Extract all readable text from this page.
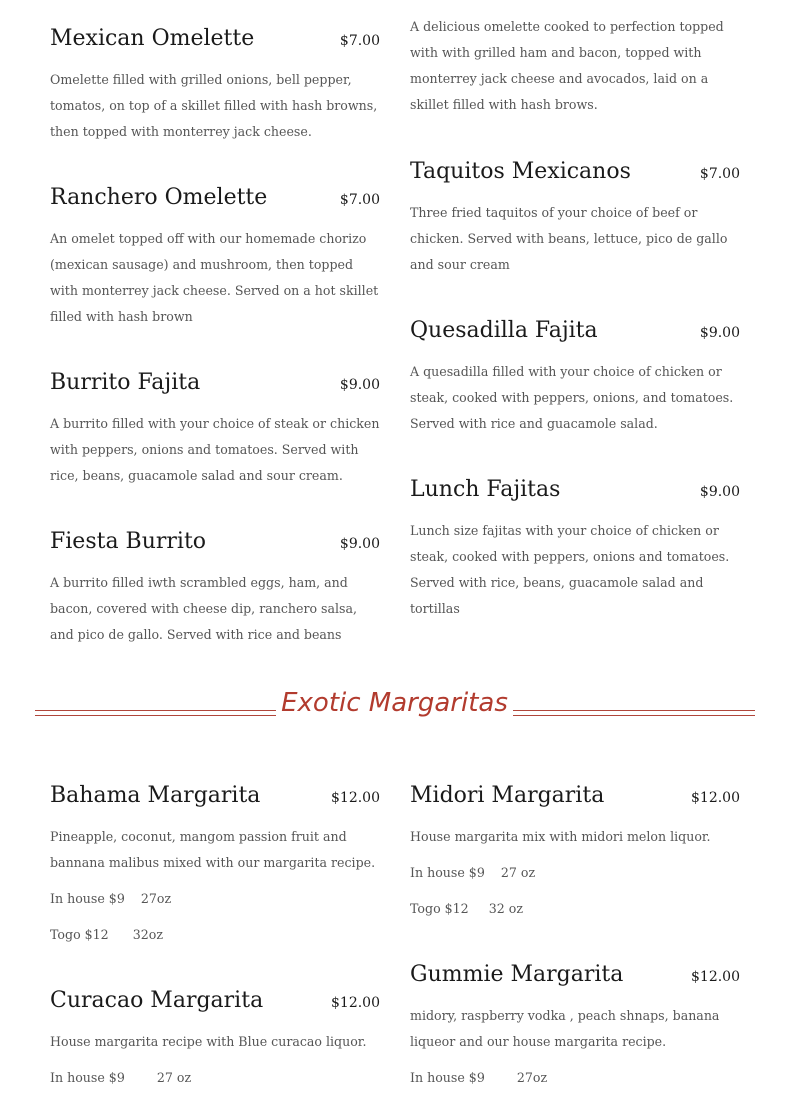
Mexican Omelette	$7.00
Omelette filled with grilled onions, bell pepper, tomatos, on top of a skillet filled with hash browns, then topped with monterrey jack cheese.
Ranchero Omelette	$7.00
An omelet topped off with our homemade chorizo (mexican sausage) and mushroom, then topped with monterrey jack cheese. Served on a hot skillet filled with hash brown
Burrito Fajita	$9.00
A burrito filled with your choice of steak or chicken with peppers, onions and tomatoes. Served with rice, beans, guacamole salad and sour cream.
Fiesta Burrito	$9.00
A burrito filled iwth scrambled eggs, ham, and bacon, covered with cheese dip, ranchero salsa, and pico de gallo. Served with rice and beans
A delicious omelette cooked to perfection topped with with grilled ham and bacon, topped with monterrey jack cheese and avocados, laid on a skillet filled with hash brows.
Taquitos Mexicanos	$7.00
Three fried taquitos of your choice of beef or chicken. Served with beans, lettuce, pico de gallo and sour cream
Quesadilla Fajita	$9.00
A quesadilla filled with your choice of chicken or steak, cooked with peppers, onions, and tomatoes. Served with rice and guacamole salad.
Lunch Fajitas	$9.00
Lunch size fajitas with your choice of chicken or steak, cooked with peppers, onions and tomatoes. Served with rice, beans, guacamole salad and tortillas
Exotic Margaritas
Bahama Margarita	$12.00
Pineapple, coconut, mangom passion fruit and bannana malibus mixed with our margarita recipe.
In house $9    27oz
Togo $12      32oz
Midori Margarita	$12.00
House margarita mix with midori melon liquor.
In house $9    27 oz
Togo $12     32 oz
Curacao Margarita	$12.00
House margarita recipe with Blue curacao liquor.
In house $9        27 oz
Gummie Margarita	$12.00
midory, raspberry vodka , peach shnaps, banana liqueor and our house margarita recipe.
In house $9        27oz
